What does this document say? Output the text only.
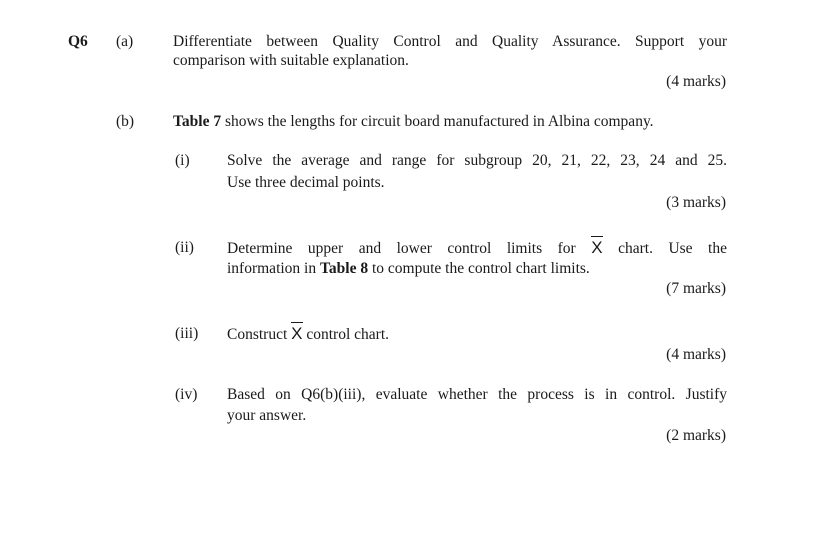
Q6 (a)	Differentiate between Quality Control and Quality Assurance. Support your
comparison with suitable explanation.
(4 marks)
(b)	Table 7 shows the lengths for circuit board manufactured in Albina company.
(i) Solve the average and range for subgroup 20, 21, 22, 23, 24 and 25.
Use three decimal points.
(3 marks)
(ii) Determine upper and lower control limits for X chart. Use the
information in Table 8 to compute the control chart limits.
(7 marks)
(iii) Construct X control chart.
(4 marks)
(iv) Based on Q6(b)(iii), evaluate whether the process is in control. Justify
your answer.
(2 marks)
